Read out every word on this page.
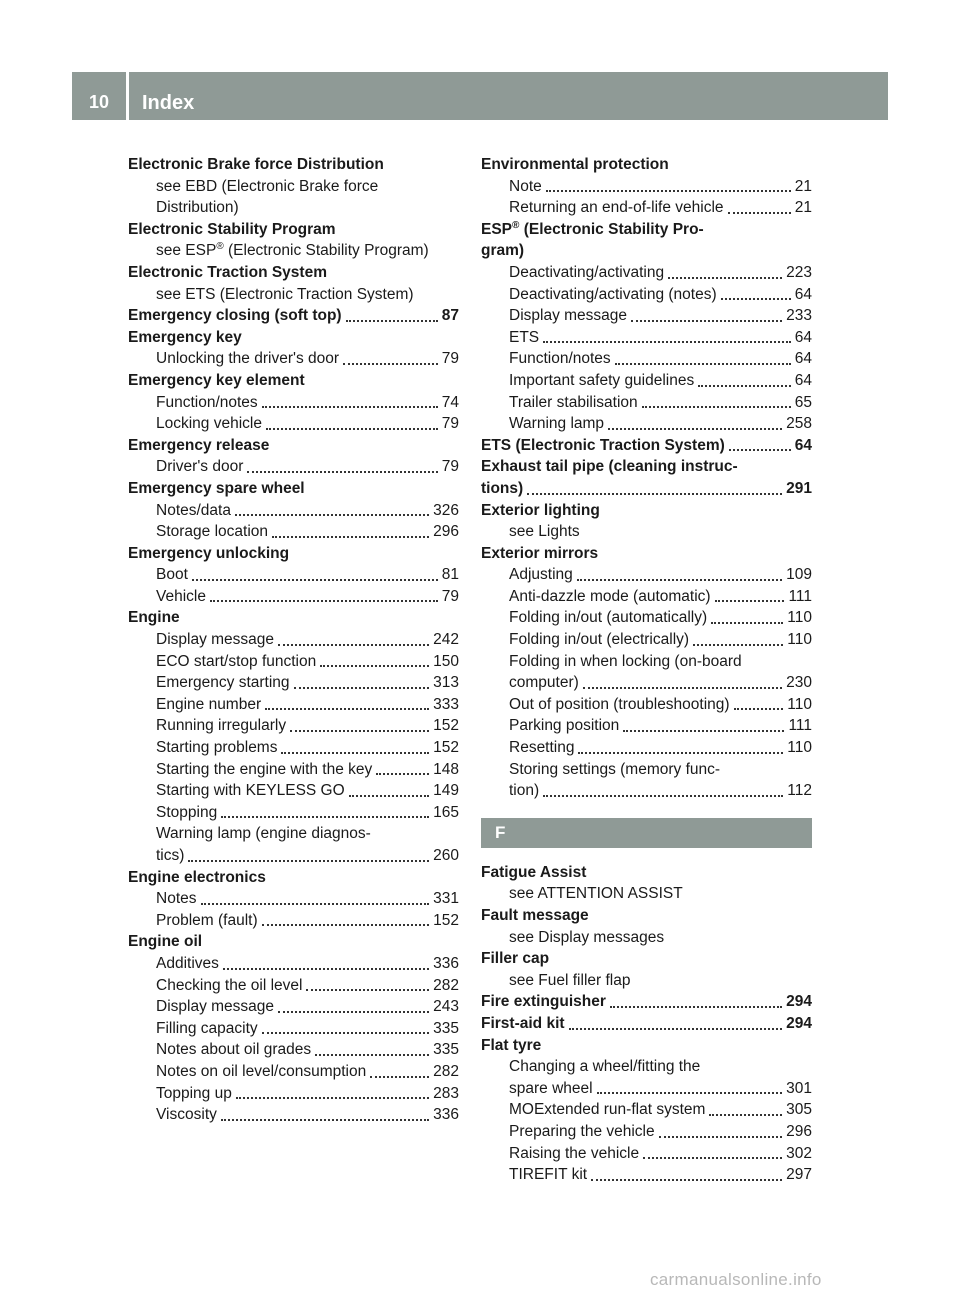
10	Index
Electronic Brake force Distribution
see EBD (Electronic Brake force
Distribution)
Electronic Stability Program
see ESP® (Electronic Stability Program)
Electronic Traction System
see ETS (Electronic Traction System)
Emergency closing (soft top)	87
Emergency key
Unlocking the driver's door	79
Emergency key element
Function/notes	74
Locking vehicle	79
Emergency release
Driver's door	79
Emergency spare wheel
Notes/data	326
Storage location	296
Emergency unlocking
Boot	81
Vehicle	79
Engine
Display message	242
ECO start/stop function	150
Emergency starting	313
Engine number	333
Running irregularly	152
Starting problems	152
Starting the engine with the key	148
Starting with KEYLESS GO	149
Stopping	165
Warning lamp (engine diagnos-
tics)	260
Engine electronics
Notes	331
Problem (fault)	152
Engine oil
Additives	336
Checking the oil level	282
Display message	243
Filling capacity	335
Notes about oil grades	335
Notes on oil level/consumption	282
Topping up	283
Viscosity	336
Environmental protection
Note	21
Returning an end-of-life vehicle	21
ESP® (Electronic Stability Pro-
gram)
Deactivating/activating	223
Deactivating/activating (notes)	64
Display message	233
ETS	64
Function/notes	64
Important safety guidelines	64
Trailer stabilisation	65
Warning lamp	258
ETS (Electronic Traction System)	64
Exhaust tail pipe (cleaning instruc-
tions)	291
Exterior lighting
see Lights
Exterior mirrors
Adjusting	109
Anti-dazzle mode (automatic)	111
Folding in/out (automatically)	110
Folding in/out (electrically)	110
Folding in when locking (on-board
computer)	230
Out of position (troubleshooting)	110
Parking position	111
Resetting	110
Storing settings (memory func-
tion)	112
F
Fatigue Assist
see ATTENTION ASSIST
Fault message
see Display messages
Filler cap
see Fuel filler flap
Fire extinguisher	294
First-aid kit	294
Flat tyre
Changing a wheel/fitting the
spare wheel	301
MOExtended run-flat system	305
Preparing the vehicle	296
Raising the vehicle	302
TIREFIT kit	297
carmanualsonline.info
